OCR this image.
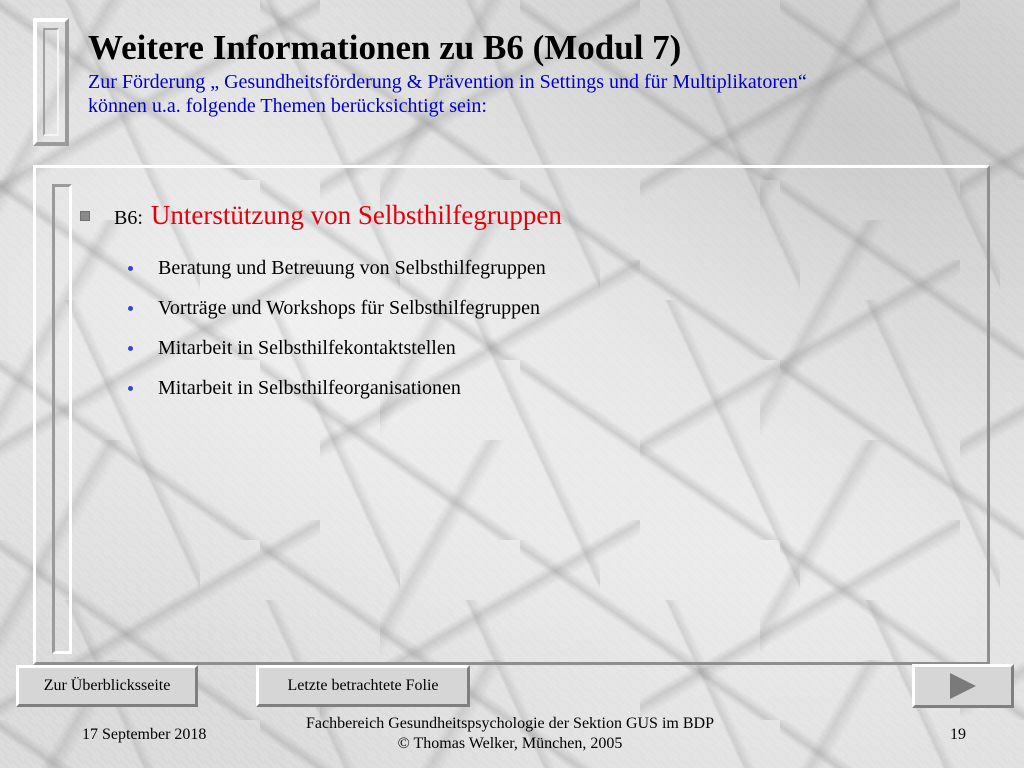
Weitere Informationen zu B6 (Modul 7)
Zur Förderung „ Gesundheitsförderung & Prävention in Settings und für Multiplikatoren“
können u.a. folgende Themen berücksichtigt sein:
B6: Unterstützung von Selbsthilfegruppen
Beratung und Betreuung von Selbsthilfegruppen
Vorträge und Workshops für Selbsthilfegruppen
Mitarbeit in Selbsthilfekontaktstellen
Mitarbeit in Selbsthilfeorganisationen
Zur Überblicksseite	Letzte betrachtete Folie
17 September 2018
Fachbereich Gesundheitspsychologie der Sektion GUS im BDP
© Thomas Welker, München, 2005
19
